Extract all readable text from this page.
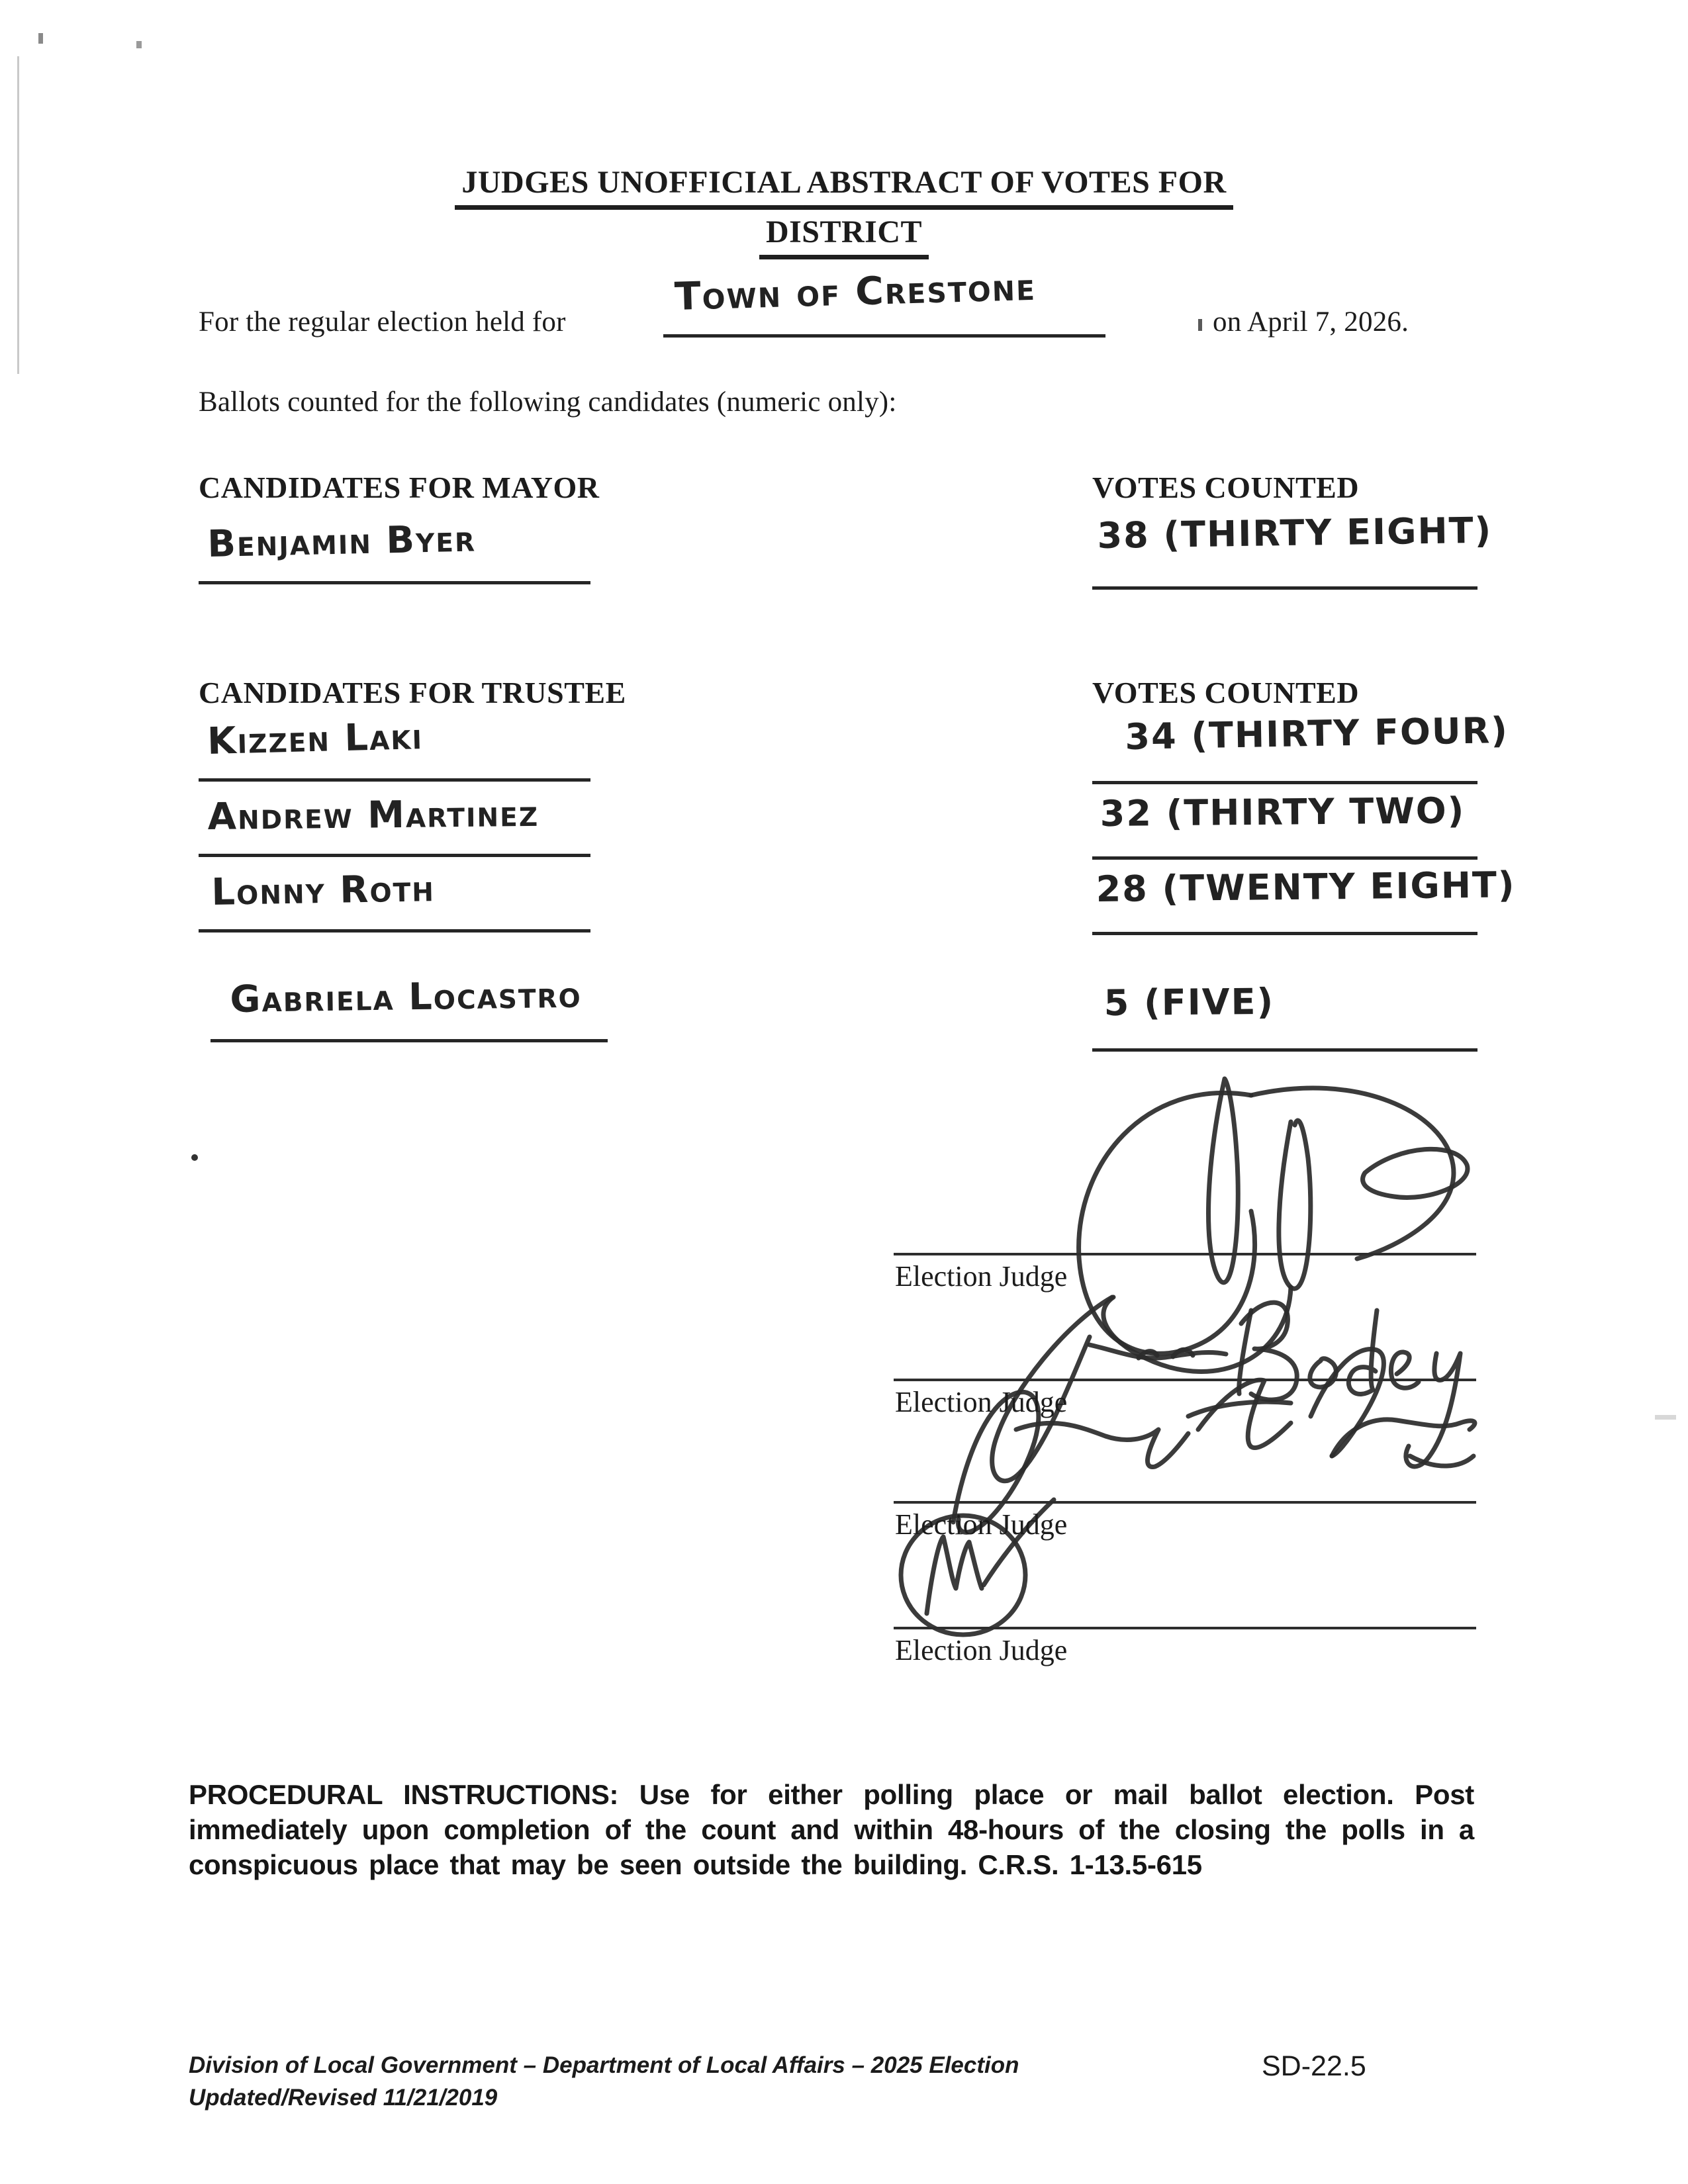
JUDGES UNOFFICIAL ABSTRACT OF VOTES FOR
DISTRICT
For the regular election held for
Town of Crestone
on April 7, 2026.
Ballots counted for the following candidates (numeric only):
CANDIDATES FOR MAYOR	VOTES COUNTED
Benjamin Byer	38 (THIRTY EIGHT)
CANDIDATES FOR TRUSTEE	VOTES COUNTED
Kizzen Laki	34 (THIRTY FOUR)
Andrew Martinez	32 (THIRTY TWO)
Lonny Roth	28 (TWENTY EIGHT)
Gabriela Locastro	5 (FIVE)
Election Judge
Election Judge
Election Judge
Election Judge
PROCEDURAL INSTRUCTIONS: Use for either polling place or mail ballot election. Post immediately upon completion of the count and within 48-hours of the closing the polls in a conspicuous place that may be seen outside the building. C.R.S. 1-13.5-615
Division of Local Government – Department of Local Affairs – 2025 Election
Updated/Revised 11/21/2019
SD-22.5
